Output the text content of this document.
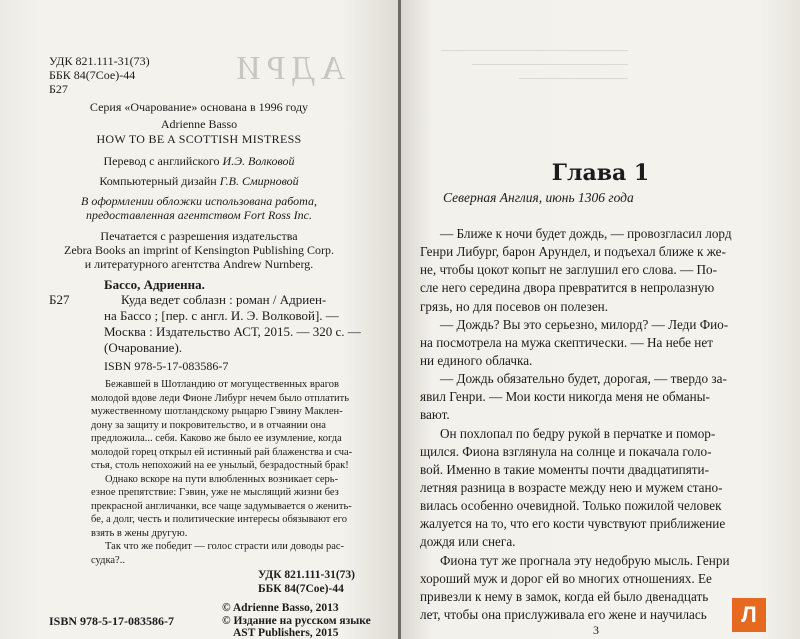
АДРИ
УДК 821.111-31(73)
ББК 84(7Сое)-44
Б27
Серия «Очарование» основана в 1996 году
Adrienne Basso
HOW TO BE A SCOTTISH MISTRESS
Перевод с английского И.Э. Волковой
Компьютерный дизайн Г.В. Смирновой
В оформлении обложки использована работа,
предоставленная агентством Fort Ross Inc.
Печатается с разрешения издательства
Zebra Books an imprint of Kensington Publishing Corp.
и литературного агентства Andrew Nurnberg.
Бассо, Адриенна.
Б27	Куда ведет соблазн : роман / Адриен-
на Бассо ; [пер. с англ. И. Э. Волковой]. —
Москва : Издательство АСТ, 2015. — 320 с. —
(Очарование).
ISBN 978-5-17-083586-7
Бежавшей в Шотландию от могущественных врагов
молодой вдове леди Фионе Либург нечем было отплатить
мужественному шотландскому рыцарю Гэвину Маклен-
дону за защиту и покровительство, и в отчаянии она
предложила... себя. Каково же было ее изумление, когда
молодой горец открыл ей истинный рай блаженства и сча-
стья, столь непохожий на ее унылый, безрадостный брак!
Однако вскоре на пути влюбленных возникает серь-
езное препятствие: Гэвин, уже не мыслящий жизни без
прекрасной англичанки, все чаще задумывается о женить-
бе, а долг, честь и политические интересы обязывают его
взять в жены другую.
Так что же победит — голос страсти или доводы рас-
судка?..
УДК 821.111-31(73)
ББК 84(7Сое)-44
© Adrienne Basso, 2013
© Издание на русском языке
AST Publishers, 2015
ISBN 978-5-17-083586-7
────────────────────────
────────────────────
──────────────
Глава 1
Северная Англия, июнь 1306 года
— Ближе к ночи будет дождь, — провозгласил лорд
Генри Либург, барон Арундел, и подъехал ближе к же-
не, чтобы цокот копыт не заглушил его слова. — По-
сле него середина двора превратится в непролазную
грязь, но для посевов он полезен.
— Дождь? Вы это серьезно, милорд? — Леди Фио-
на посмотрела на мужа скептически. — На небе нет
ни единого облачка.
— Дождь обязательно будет, дорогая, — твердо за-
явил Генри. — Мои кости никогда меня не обманы-
вают.
Он похлопал по бедру рукой в перчатке и помор-
щился. Фиона взглянула на солнце и покачала голо-
вой. Именно в такие моменты почти двадцатипяти-
летняя разница в возрасте между нею и мужем стано-
вилась особенно очевидной. Только пожилой человек
жалуется на то, что его кости чувствуют приближение
дождя или снега.
Л
Фиона тут же прогнала эту недобрую мысль. Генри
хороший муж и дорог ей во многих отношениях. Ее
привезли к нему в замок, когда ей было двенадцать
лет, чтобы она прислуживала его жене и научилась
3
